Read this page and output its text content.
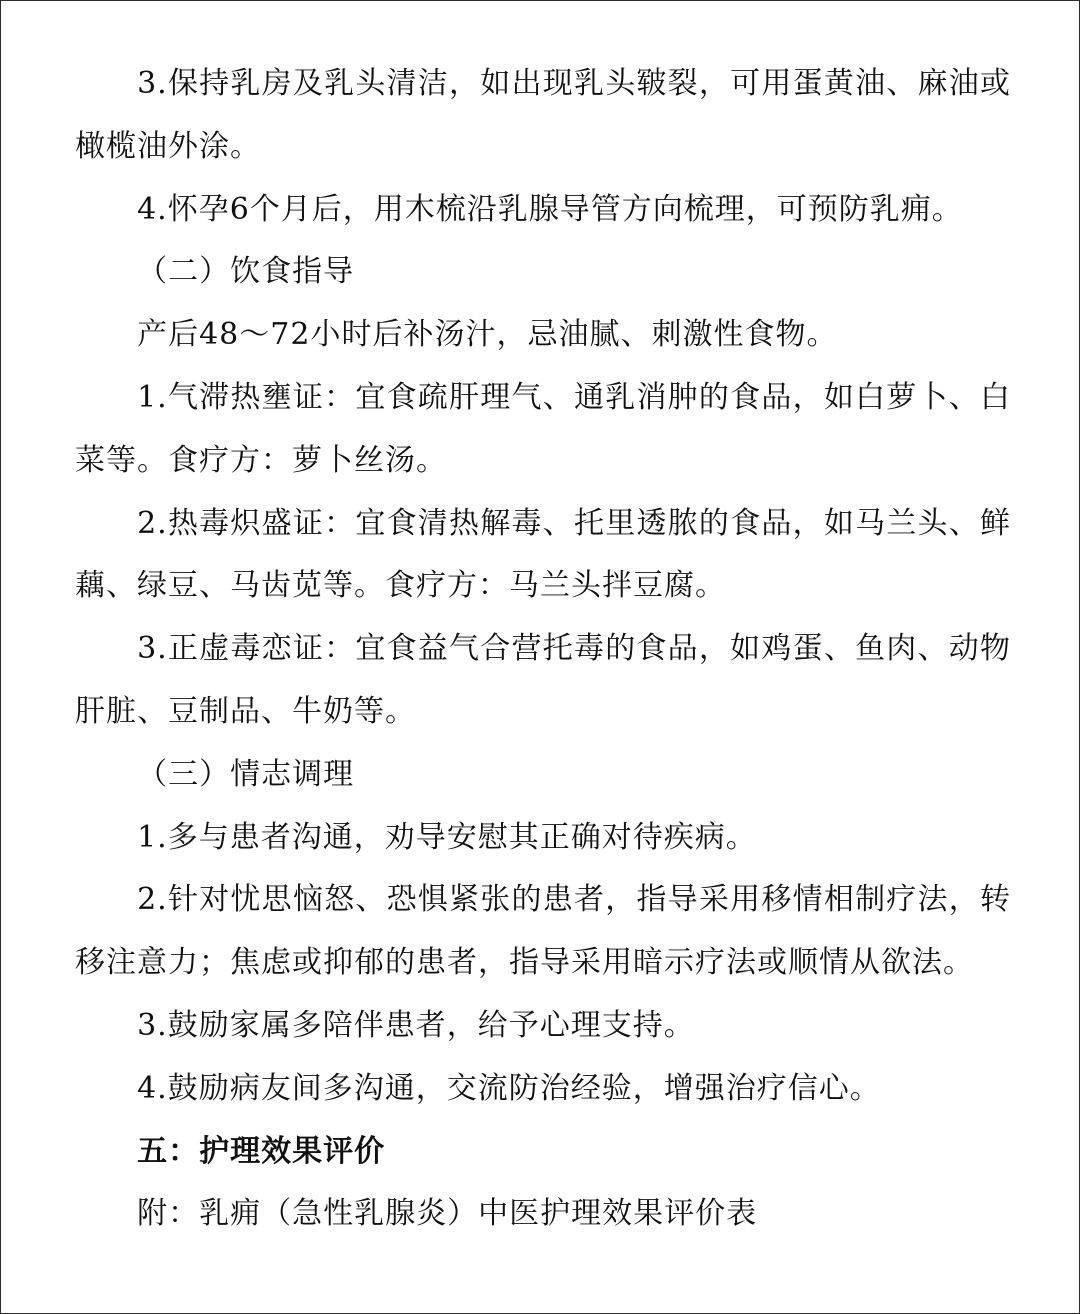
3.保持乳房及乳头清洁，如出现乳头皲裂，可用蛋黄油、麻油或橄榄油外涂。

4.怀孕6个月后，用木梳沿乳腺导管方向梳理，可预防乳痈。

（二）饮食指导

产后48～72小时后补汤汁，忌油腻、刺激性食物。

1.气滞热壅证：宜食疏肝理气、通乳消肿的食品，如白萝卜、白菜等。食疗方：萝卜丝汤。

2.热毒炽盛证：宜食清热解毒、托里透脓的食品，如马兰头、鲜藕、绿豆、马齿苋等。食疗方：马兰头拌豆腐。

3.正虚毒恋证：宜食益气合营托毒的食品，如鸡蛋、鱼肉、动物肝脏、豆制品、牛奶等。

（三）情志调理

1.多与患者沟通，劝导安慰其正确对待疾病。

2.针对忧思恼怒、恐惧紧张的患者，指导采用移情相制疗法，转移注意力；焦虑或抑郁的患者，指导采用暗示疗法或顺情从欲法。

3.鼓励家属多陪伴患者，给予心理支持。

4.鼓励病友间多沟通，交流防治经验，增强治疗信心。

五：护理效果评价

附：乳痈（急性乳腺炎）中医护理效果评价表
